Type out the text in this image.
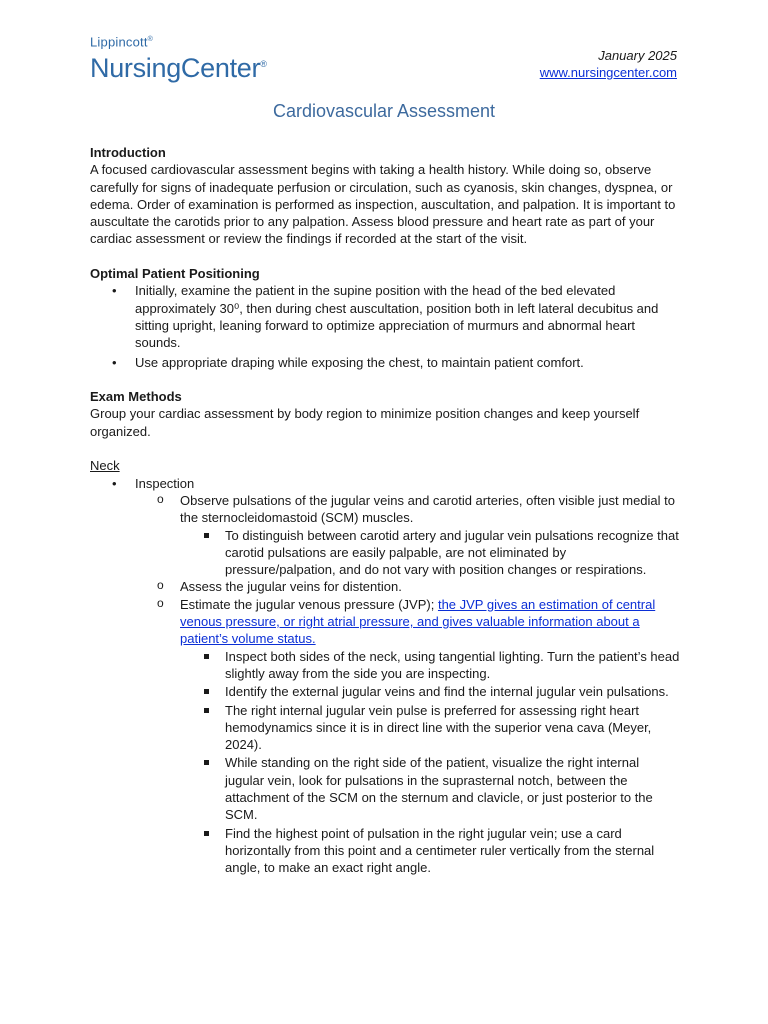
Lippincott®
NursingCenter®
January 2025
www.nursingcenter.com
Cardiovascular Assessment

Introduction

A focused cardiovascular assessment begins with taking a health history. While doing so, observe carefully for signs of inadequate perfusion or circulation, such as cyanosis, skin changes, dyspnea, or edema. Order of examination is performed as inspection, auscultation, and palpation. It is important to auscultate the carotids prior to any palpation. Assess blood pressure and heart rate as part of your cardiac assessment or review the findings if recorded at the start of the visit.

Optimal Patient Positioning

• Initially, examine the patient in the supine position with the head of the bed elevated approximately 30⁰, then during chest auscultation, position both in left lateral decubitus and sitting upright, leaning forward to optimize appreciation of murmurs and abnormal heart sounds.
• Use appropriate draping while exposing the chest, to maintain patient comfort.

Exam Methods

Group your cardiac assessment by body region to minimize position changes and keep yourself organized.

Neck

• Inspection
o Observe pulsations of the jugular veins and carotid arteries, often visible just medial to the sternocleidomastoid (SCM) muscles.
To distinguish between carotid artery and jugular vein pulsations recognize that carotid pulsations are easily palpable, are not eliminated by pressure/palpation, and do not vary with position changes or respirations.
o Assess the jugular veins for distention.
o Estimate the jugular venous pressure (JVP); the JVP gives an estimation of central venous pressure, or right atrial pressure, and gives valuable information about a patient’s volume status.
Inspect both sides of the neck, using tangential lighting. Turn the patient’s head slightly away from the side you are inspecting.
Identify the external jugular veins and find the internal jugular vein pulsations.
The right internal jugular vein pulse is preferred for assessing right heart hemodynamics since it is in direct line with the superior vena cava (Meyer, 2024).
While standing on the right side of the patient, visualize the right internal jugular vein, look for pulsations in the suprasternal notch, between the attachment of the SCM on the sternum and clavicle, or just posterior to the SCM.
Find the highest point of pulsation in the right jugular vein; use a card horizontally from this point and a centimeter ruler vertically from the sternal angle, to make an exact right angle.
